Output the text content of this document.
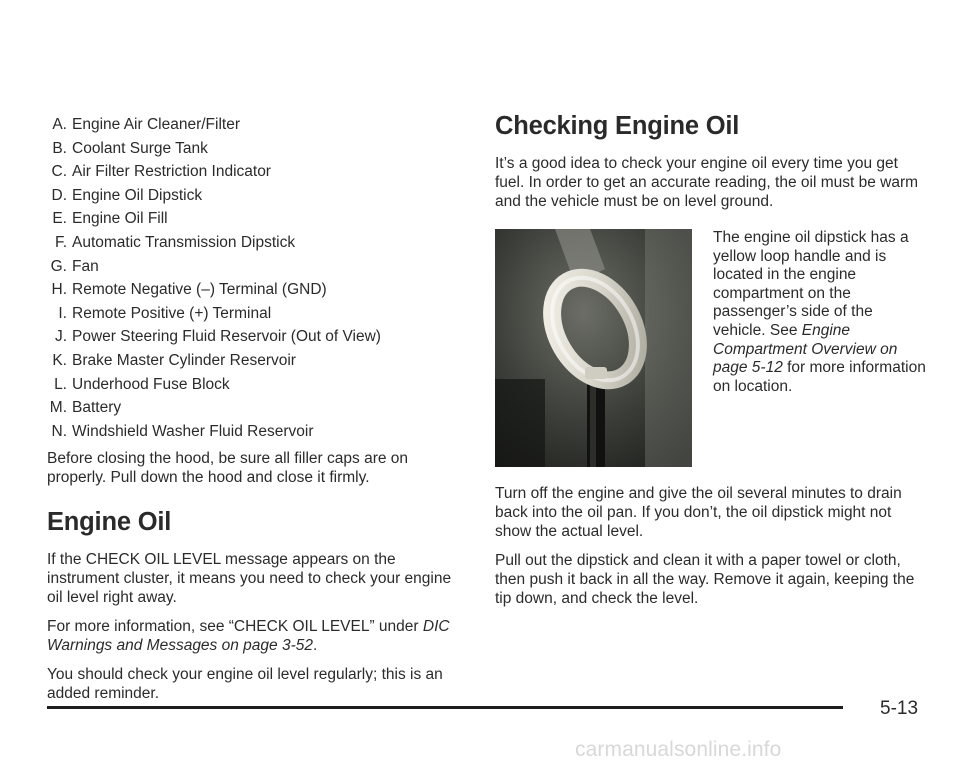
A. Engine Air Cleaner/Filter
B. Coolant Surge Tank
C. Air Filter Restriction Indicator
D. Engine Oil Dipstick
E. Engine Oil Fill
F. Automatic Transmission Dipstick
G. Fan
H. Remote Negative (–) Terminal (GND)
I. Remote Positive (+) Terminal
J. Power Steering Fluid Reservoir (Out of View)
K. Brake Master Cylinder Reservoir
L. Underhood Fuse Block
M. Battery
N. Windshield Washer Fluid Reservoir

Before closing the hood, be sure all filler caps are on properly. Pull down the hood and close it firmly.

Engine Oil

If the CHECK OIL LEVEL message appears on the instrument cluster, it means you need to check your engine oil level right away.

For more information, see “CHECK OIL LEVEL” under DIC Warnings and Messages on page 3-52.

You should check your engine oil level regularly; this is an added reminder.

Checking Engine Oil

It’s a good idea to check your engine oil every time you get fuel. In order to get an accurate reading, the oil must be warm and the vehicle must be on level ground.

The engine oil dipstick has a yellow loop handle and is located in the engine compartment on the passenger’s side of the vehicle. See Engine Compartment Overview on page 5-12 for more information on location.

Turn off the engine and give the oil several minutes to drain back into the oil pan. If you don’t, the oil dipstick might not show the actual level.

Pull out the dipstick and clean it with a paper towel or cloth, then push it back in all the way. Remove it again, keeping the tip down, and check the level.

5-13
carmanualsonline.info
